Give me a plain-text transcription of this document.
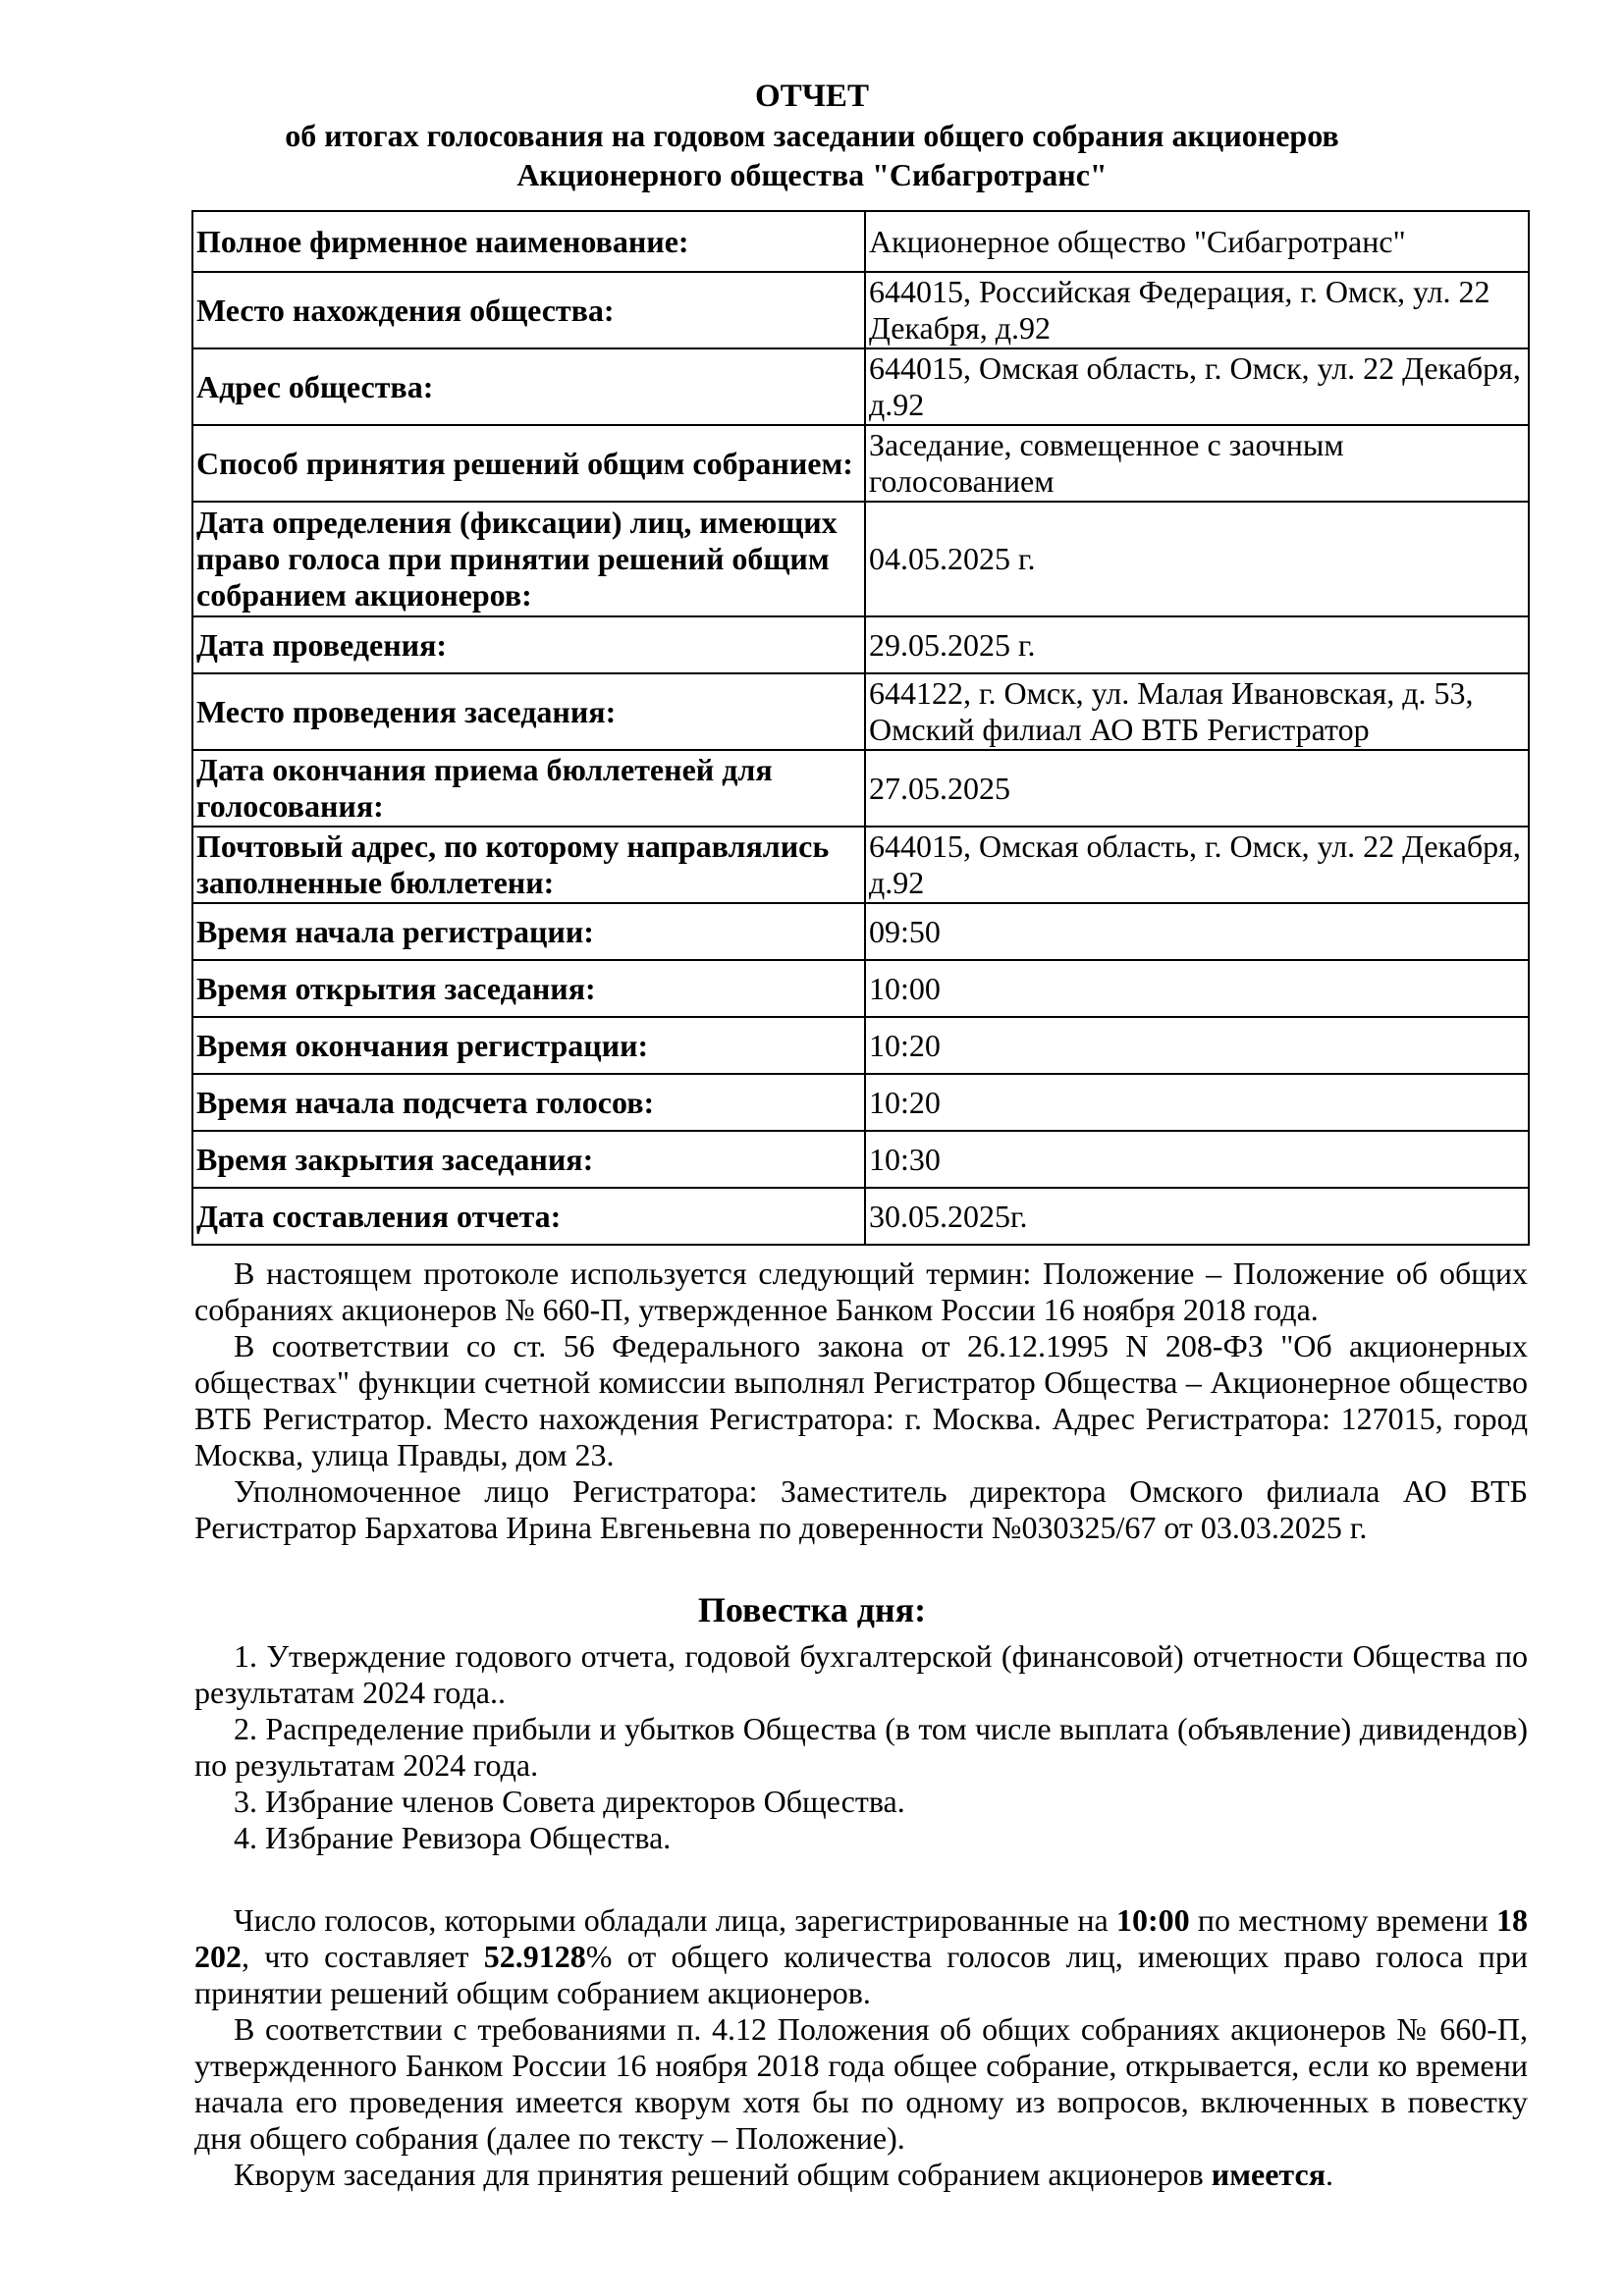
ОТЧЕТ
об итогах голосования на годовом заседании общего собрания акционеров
Акционерного общества "Сибагротранс"
Полное фирменное наименование:	Акционерное общество "Сибагротранс"
Место нахождения общества:	644015, Российская Федерация, г. Омск, ул. 22 Декабря, д.92
Адрес общества:	644015, Омская область, г. Омск, ул. 22 Декабря, д.92
Способ принятия решений общим собранием:	Заседание, совмещенное с заочным голосованием
Дата определения (фиксации) лиц, имеющих право голоса при принятии решений общим собранием акционеров:	04.05.2025 г.
Дата проведения:	29.05.2025 г.
Место проведения заседания:	644122, г. Омск, ул. Малая Ивановская, д. 53, Омский филиал АО ВТБ Регистратор
Дата окончания приема бюллетеней для голосования:	27.05.2025
Почтовый адрес, по которому направлялись заполненные бюллетени:	644015, Омская область, г. Омск, ул. 22 Декабря, д.92
Время начала регистрации:	09:50
Время открытия заседания:	10:00
Время окончания регистрации:	10:20
Время начала подсчета голосов:	10:20
Время закрытия заседания:	10:30
Дата составления отчета:	30.05.2025г.

В настоящем протоколе используется следующий термин: Положение – Положение об общих собраниях акционеров № 660-П, утвержденное Банком России 16 ноября 2018 года.

В соответствии со ст. 56 Федерального закона от 26.12.1995 N 208-ФЗ "Об акционерных обществах" функции счетной комиссии выполнял Регистратор Общества – Акционерное общество ВТБ Регистратор. Место нахождения Регистратора: г. Москва. Адрес Регистратора: 127015, город Москва, улица Правды, дом 23.

Уполномоченное лицо Регистратора: Заместитель директора Омского филиала АО ВТБ Регистратор Бархатова Ирина Евгеньевна по доверенности №030325/67 от 03.03.2025 г.

Повестка дня:

1. Утверждение годового отчета, годовой бухгалтерской (финансовой) отчетности Общества по результатам 2024 года..

2. Распределение прибыли и убытков Общества (в том числе выплата (объявление) дивидендов) по результатам 2024 года.

3. Избрание членов Совета директоров Общества.

4. Избрание Ревизора Общества.

Число голосов, которыми обладали лица, зарегистрированные на 10:00 по местному времени 18 202, что составляет 52.9128% от общего количества голосов лиц, имеющих право голоса при принятии решений общим собранием акционеров.

В соответствии с требованиями п. 4.12 Положения об общих собраниях акционеров № 660-П, утвержденного Банком России 16 ноября 2018 года общее собрание, открывается, если ко времени начала его проведения имеется кворум хотя бы по одному из вопросов, включенных в повестку дня общего собрания (далее по тексту – Положение).

Кворум заседания для принятия решений общим собранием акционеров имеется.
